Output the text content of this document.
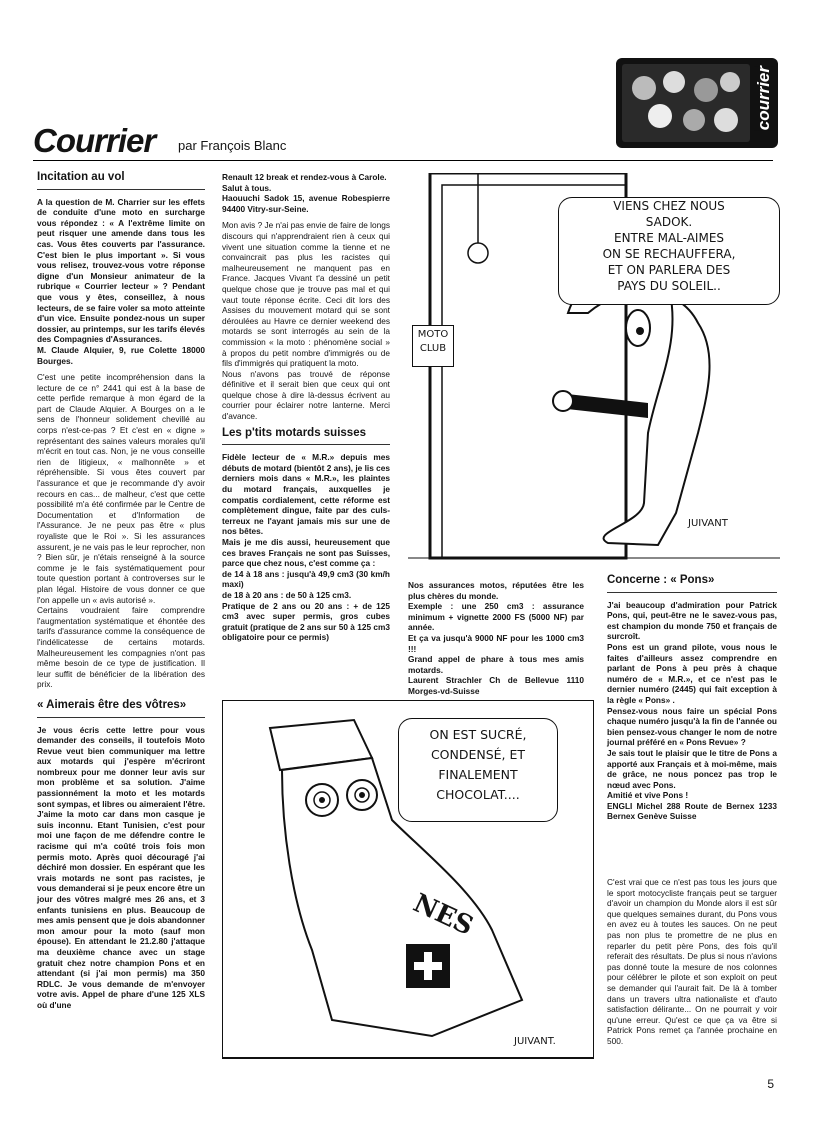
Courrier par François Blanc
courrier
Incitation au vol

A la question de M. Charrier sur les effets de conduite d'une moto en surcharge vous répondez : « A l'extrême limite on peut risquer une amende dans tous les cas. Vous êtes couverts par l'assurance. C'est bien le plus important ». Si vous vous relisez, trouvez-vous votre réponse digne d'un Monsieur animateur de la rubrique « Courrier lecteur » ? Pendant que vous y êtes, conseillez, à nous lecteurs, de se faire voler sa moto atteinte d'un vice. Ensuite pondez-nous un super dossier, au printemps, sur les tarifs élevés des Compagnies d'Assurances.
M. Claude Alquier, 9, rue Colette 18000 Bourges.

C'est une petite incompréhension dans la lecture de ce n° 2441 qui est à la base de cette perfide remarque à mon égard de la part de Claude Alquier. A Bourges on a le sens de l'honneur solidement chevillé au corps n'est-ce-pas ? Et c'est en « digne » représentant des saines valeurs morales qu'il m'écrit en tout cas. Non, je ne vous conseille rien de litigieux, « malhonnête » et répréhensible. Si vous êtes couvert par l'assurance et que je recommande d'y avoir recours en cas... de malheur, c'est que cette possibilité m'a été confirmée par le Centre de Documentation et d'Information de l'Assurance. Je ne peux pas être « plus royaliste que le Roi ». Si les assurances assurent, je ne vais pas le leur reprocher, non ? Bien sûr, je n'étais renseigné à la source comme je le fais systématiquement pour toute question portant à controverses sur le plan légal. Histoire de vous donner ce que l'on appelle un « avis autorisé ».
Certains voudraient faire comprendre l'augmentation systématique et éhontée des tarifs d'assurance comme la conséquence de l'indélicatesse de certains motards. Malheureusement les compagnies n'ont pas même besoin de ce type de justification. Il leur suffit de bénéficier de la libération des prix.

« Aimerais être des vôtres»

Je vous écris cette lettre pour vous demander des conseils, il toutefois Moto Revue veut bien communiquer ma lettre aux motards qui j'espère m'écriront nombreux pour me donner leur avis sur mon problème et sa solution. J'aime passionnément la moto et les motards sont sympas, et libres ou aimeraient l'être. J'aime la moto car dans mon casque je suis inconnu. Etant Tunisien, c'est pour moi une façon de me défendre contre le racisme qui m'a coûté trois fois mon permis moto. Après quoi découragé j'ai déchiré mon dossier. En espérant que les vrais motards ne sont pas racistes, je vous demanderai si je peux encore être un jour des vôtres malgré mes 26 ans, et 3 enfants tunisiens en plus. Beaucoup de mes amis pensent que je dois abandonner mon amour pour la moto (sauf mon épouse). En attendant le 21.2.80 j'attaque ma deuxième chance avec un stage gratuit chez notre champion Pons et en attendant (si j'ai mon permis) ma 350 RDLC. Je vous demande de m'envoyer votre avis. Appel de phare d'une 125 XLS où d'une

Renault 12 break et rendez-vous à Carole.
Salut à tous.
Haouuchi Sadok 15, avenue Robespierre 94400 Vitry-sur-Seine.

Mon avis ? Je n'ai pas envie de faire de longs discours qui n'apprendraient rien à ceux qui vivent une situation comme la tienne et ne convaincrait pas plus les racistes qui malheureusement ne manquent pas en France. Jacques Vivant t'a dessiné un petit quelque chose que je trouve pas mal et qui vaut toute réponse écrite. Ceci dit lors des Assises du mouvement motard qui se sont déroulées au Havre ce dernier weekend des motards se sont interrogés au sein de la commission « la moto : phénomène social » à propos du petit nombre d'immigrés ou de fils d'immigrés qui pratiquent la moto.
Nous n'avons pas trouvé de réponse définitive et il serait bien que ceux qui ont quelque chose à dire là-dessus écrivent au courrier pour éclairer notre lanterne. Merci d'avance.

Les p'tits motards suisses

Fidèle lecteur de « M.R.» depuis mes débuts de motard (bientôt 2 ans), je lis ces derniers mois dans « M.R.», les plaintes du motard français, auxquelles je compatis cordialement, cette réforme est complètement dingue, faite par des culs-terreux ne l'ayant jamais mis sur une de nos bêtes.
Mais je me dis aussi, heureusement que ces braves Français ne sont pas Suisses, parce que chez nous, c'est comme ça :
de 14 à 18 ans : jusqu'à 49,9 cm3 (30 km/h maxi)
de 18 à 20 ans : de 50 à 125 cm3.
Pratique de 2 ans ou 20 ans : + de 125 cm3 avec super permis, gros cubes gratuit (pratique de 2 ans sur 50 à 125 cm3 obligatoire pour ce permis)

VIENS CHEZ NOUS
SADOK.
ENTRE MAL-AIMES
ON SE RECHAUFFERA,
ET ON PARLERA DES
PAYS DU SOLEIL..
MOTO
CLUB
JUIVANT

Nos assurances motos, réputées être les plus chères du monde.
Exemple : une 250 cm3 : assurance minimum + vignette 2000 FS (5000 NF) par année.
Et ça va jusqu'à 9000 NF pour les 1000 cm3 !!!
Grand appel de phare à tous mes amis motards.
Laurent Strachler Ch de Bellevue 1110 Morges-vd-Suisse

Concerne : « Pons»

J'ai beaucoup d'admiration pour Patrick Pons, qui, peut-être ne le savez-vous pas, est champion du monde 750 et français de surcroît.
Pons est un grand pilote, vous nous le faites d'ailleurs assez comprendre en parlant de Pons à peu près à chaque numéro de « M.R.», et ce n'est pas le dernier numéro (2445) qui fait exception à la règle « Pons» .
Pensez-vous nous faire un spécial Pons chaque numéro jusqu'à la fin de l'année ou bien pensez-vous changer le nom de notre journal préféré en « Pons Revue» ?
Je sais tout le plaisir que le titre de Pons a apporté aux Français et à moi-même, mais de grâce, ne nous poncez pas trop le nœud avec Pons.
Amitié et vive Pons !
ENGLI Michel 288 Route de Bernex 1233 Bernex Genève Suisse

C'est vrai que ce n'est pas tous les jours que le sport motocycliste français peut se targuer d'avoir un champion du Monde alors il est sûr que quelques semaines durant, du Pons vous en avez eu à toutes les sauces. On ne peut pas non plus te promettre de ne plus en reparler du petit père Pons, des fois qu'il referait des résultats. De plus si nous n'avions pas donné toute la mesure de nos colonnes pour célébrer le pilote et son exploit on peut se demander qui l'aurait fait. De là à tomber dans un travers ultra nationaliste et d'auto satisfaction délirante... On ne pourrait y voir qu'une erreur. Qu'est ce que ça va être si Patrick Pons remet ça l'année prochaine en 500.

ON EST SUCRÉ,
CONDENSÉ, ET
FINALEMENT
CHOCOLAT....
NES
JUIVANT.
5
